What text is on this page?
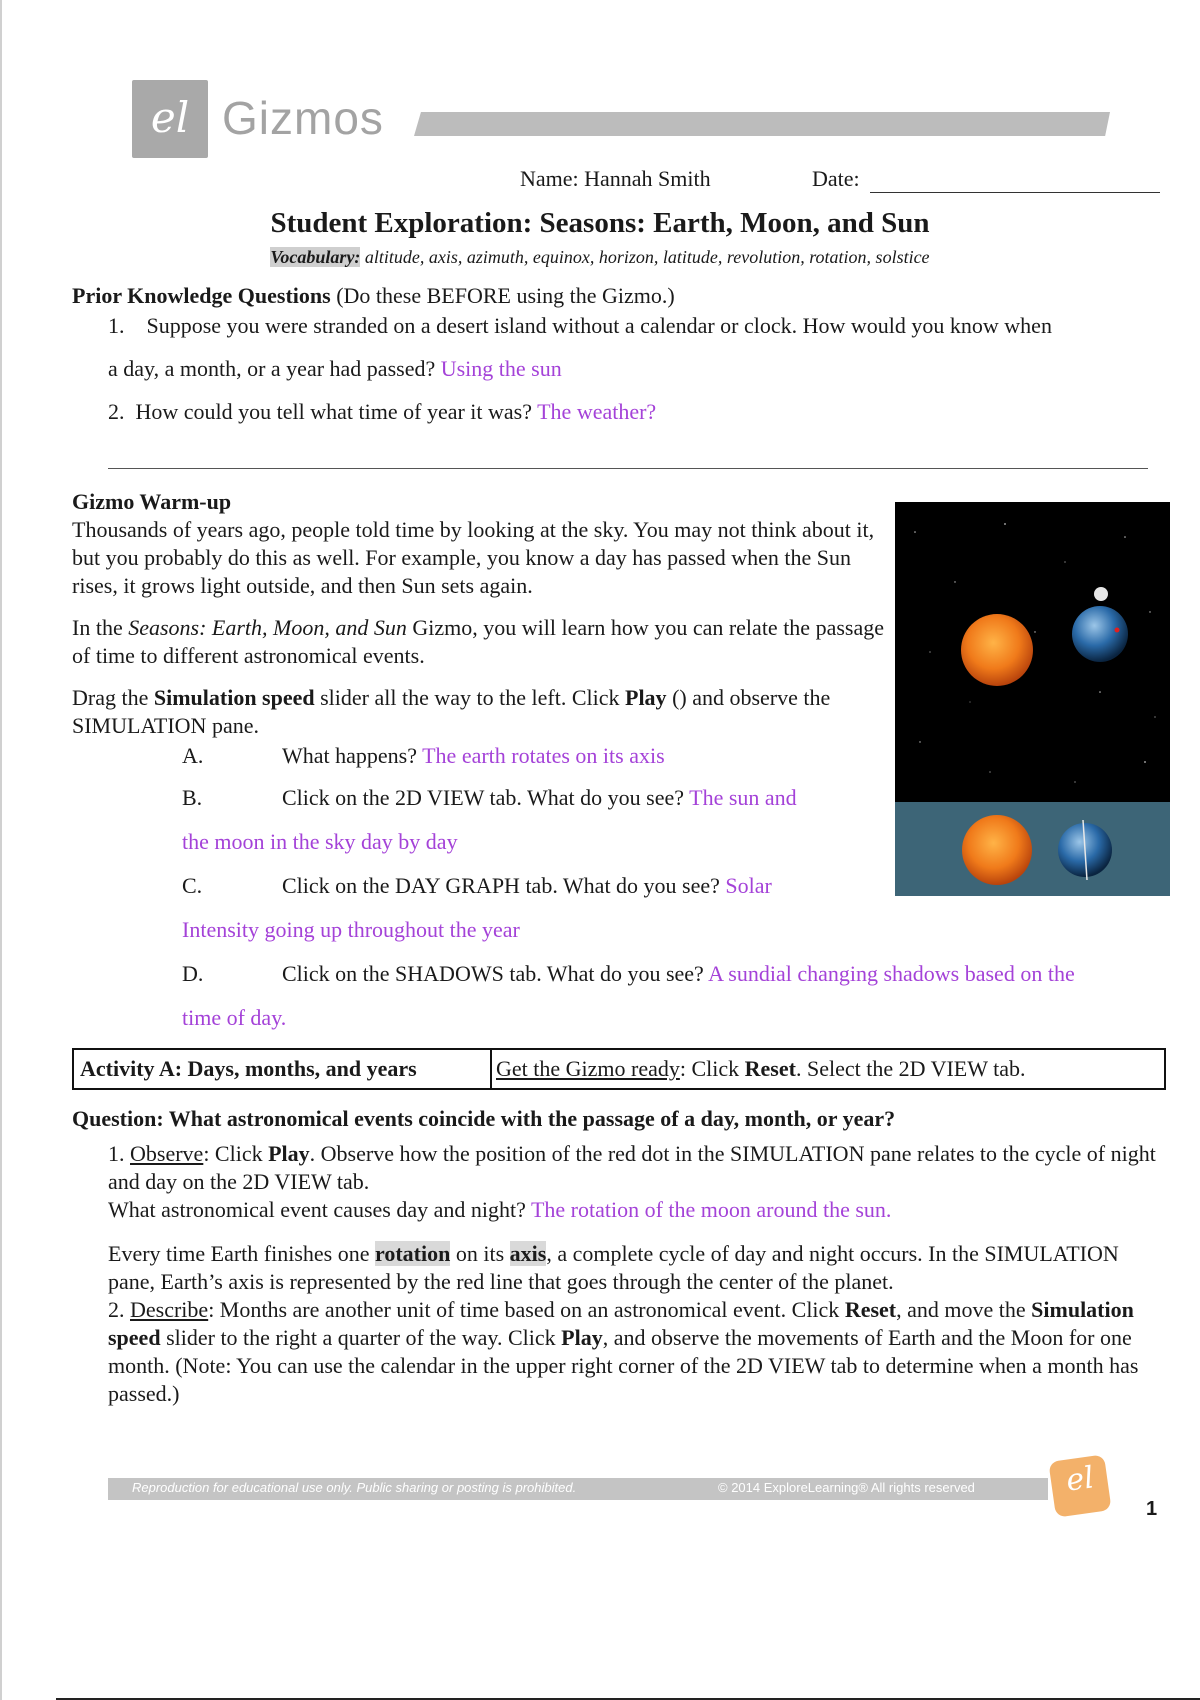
el Gizmos
Name: Hannah Smith	Date:
Student Exploration: Seasons: Earth, Moon, and Sun
Vocabulary: altitude, axis, azimuth, equinox, horizon, latitude, revolution, rotation, solstice
Prior Knowledge Questions (Do these BEFORE using the Gizmo.)
1. Suppose you were stranded on a desert island without a calendar or clock. How would you know when
a day, a month, or a year had passed? Using the sun
2. How could you tell what time of year it was? The weather?
Gizmo Warm-up
Thousands of years ago, people told time by looking at the sky. You may not think about it, but you probably do this as well. For example, you know a day has passed when the Sun rises, it grows light outside, and then Sun sets again.
In the Seasons: Earth, Moon, and Sun Gizmo, you will learn how you can relate the passage of time to different astronomical events.
Drag the Simulation speed slider all the way to the left. Click Play () and observe the SIMULATION pane.
A.	What happens? The earth rotates on its axis
B.	Click on the 2D VIEW tab. What do you see? The sun and
the moon in the sky day by day
C.	Click on the DAY GRAPH tab. What do you see? Solar
Intensity going up throughout the year
D.	Click on the SHADOWS tab. What do you see? A sundial changing shadows based on the
time of day.
Activity A: Days, months, and years	Get the Gizmo ready: Click Reset. Select the 2D VIEW tab.
Question: What astronomical events coincide with the passage of a day, month, or year?
1. Observe: Click Play. Observe how the position of the red dot in the SIMULATION pane relates to the cycle of night and day on the 2D VIEW tab.
What astronomical event causes day and night? The rotation of the moon around the sun.
Every time Earth finishes one rotation on its axis, a complete cycle of day and night occurs. In the SIMULATION pane, Earth’s axis is represented by the red line that goes through the center of the planet.
2. Describe: Months are another unit of time based on an astronomical event. Click Reset, and move the Simulation speed slider to the right a quarter of the way. Click Play, and observe the movements of Earth and the Moon for one month. (Note: You can use the calendar in the upper right corner of the 2D VIEW tab to determine when a month has passed.)
Reproduction for educational use only. Public sharing or posting is prohibited.	© 2014 ExploreLearning® All rights reserved	el
1
